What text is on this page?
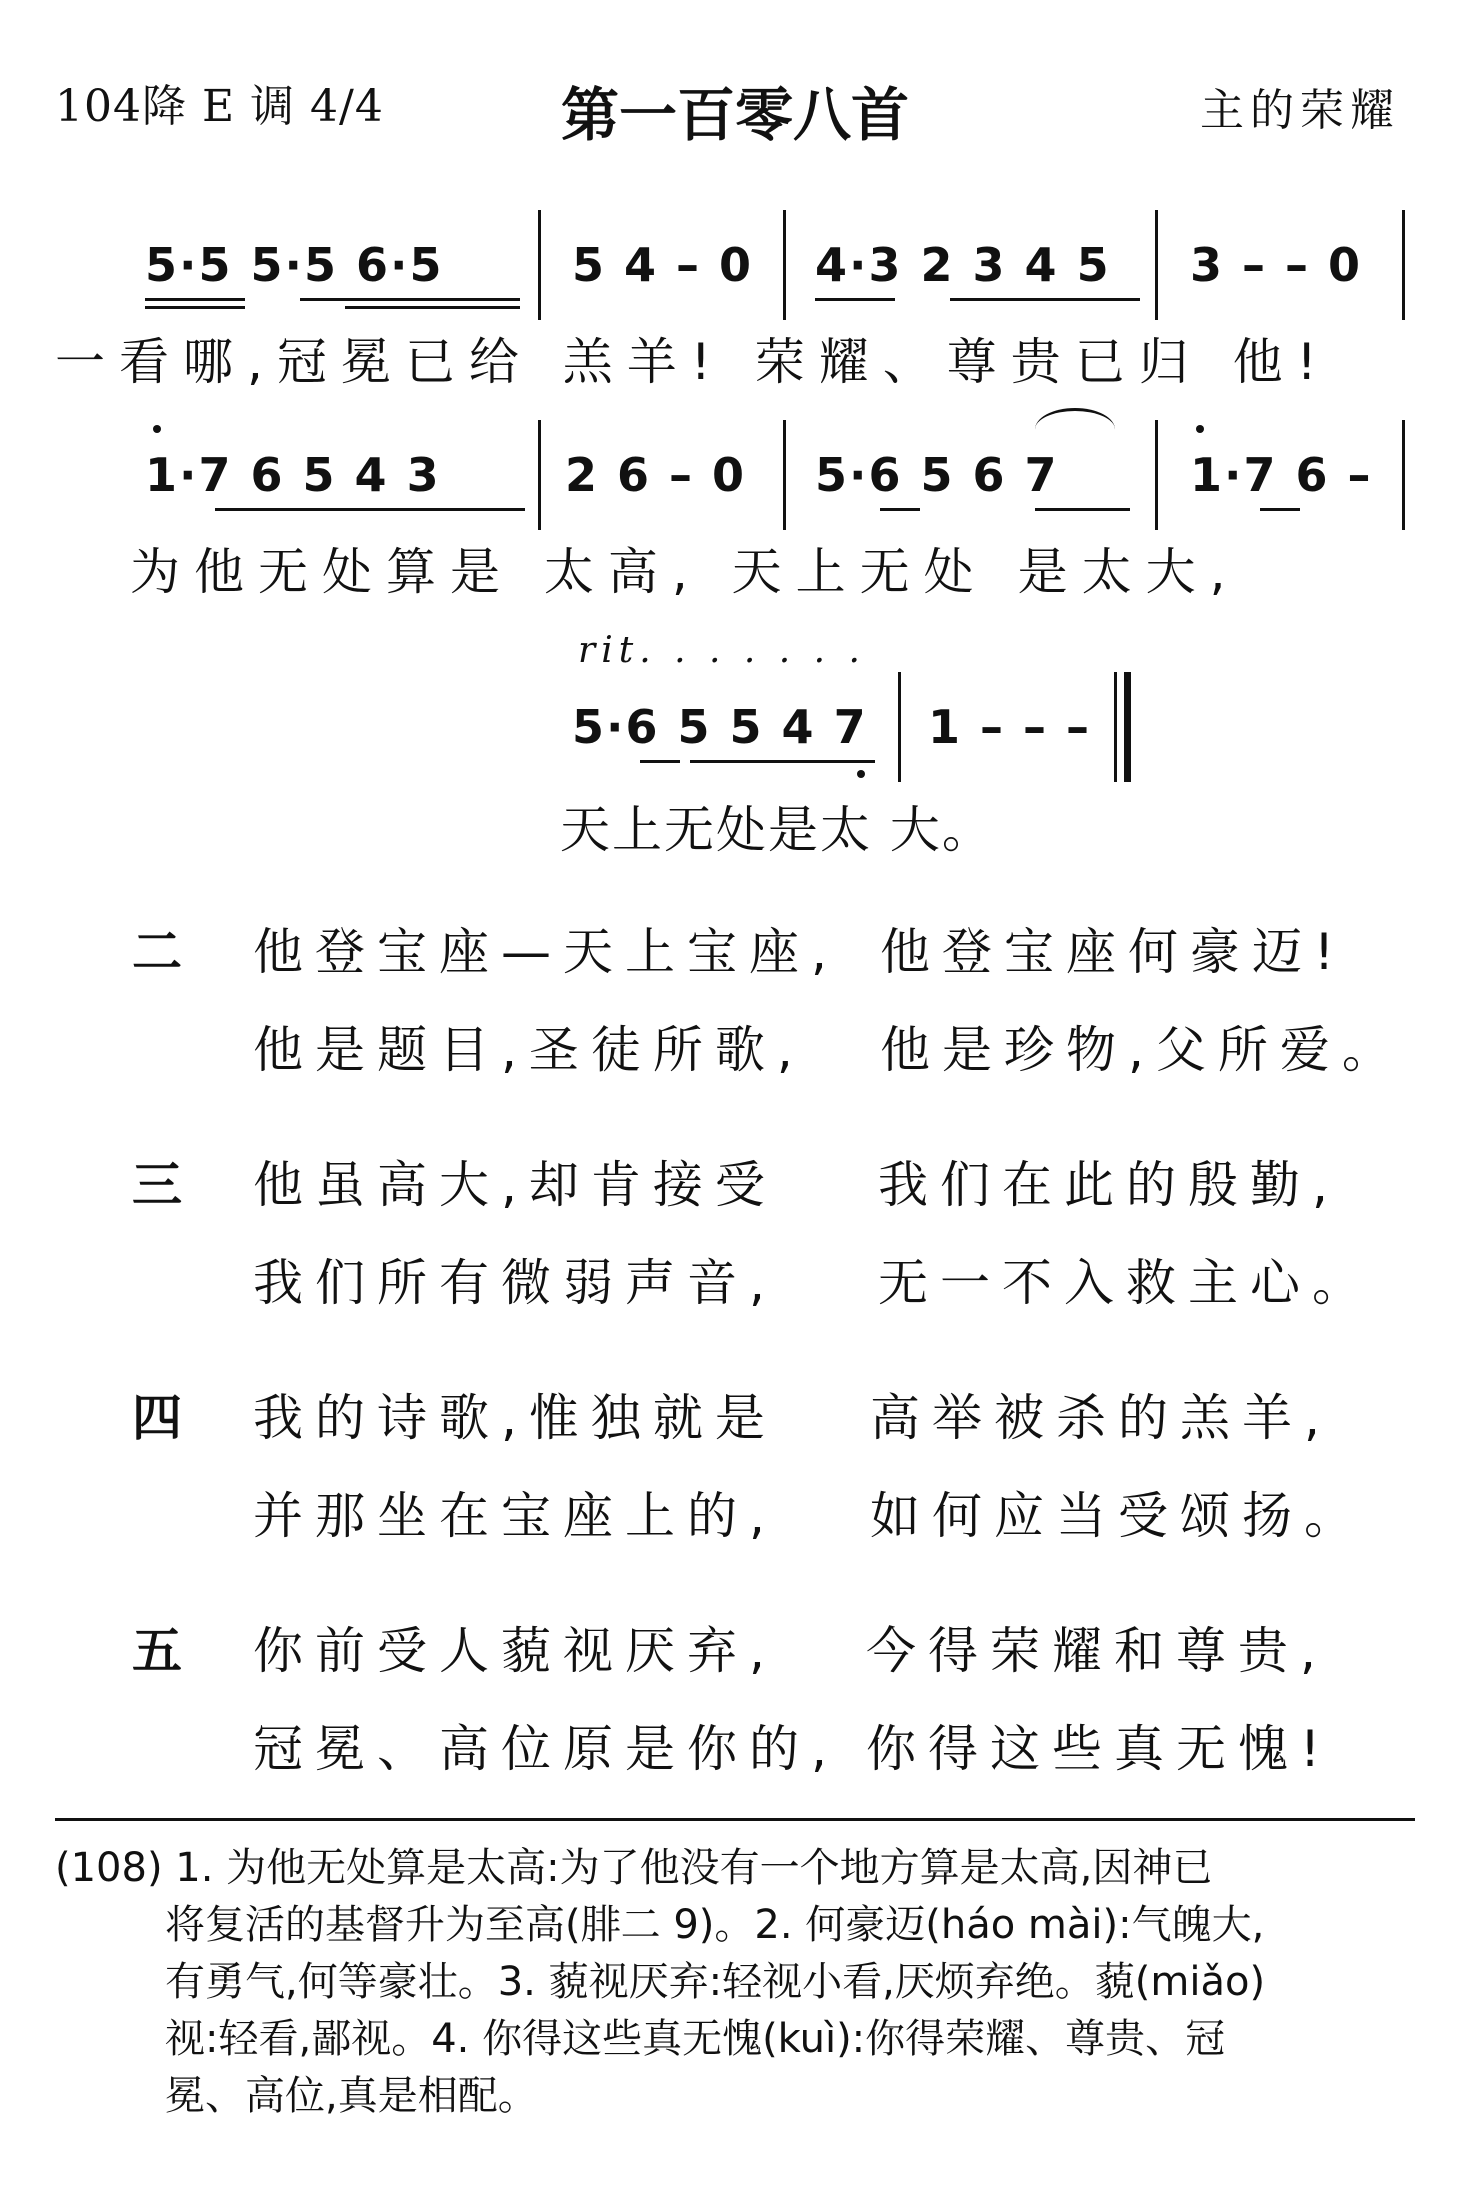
104降 E 调 4/4	第一百零八首	主的荣耀
5·5 5·5 6·5	5 4 – 0 4·3 2 3 4 5 3 – – 0
一看哪,冠冕已给 羔羊! 荣耀、尊贵已归 他!
1·7 6 5 4 3	2 6 – 0 5·6 5 6 7	1·7 6 –
为他无处算是 太高, 天上无处 是太大,
rit. . . . . . .
5·6 5 5 4 7 1 – – –
天上无处是太 大。
二 他登宝座—天上宝座, 他登宝座何豪迈!
他是题目,圣徒所歌, 他是珍物,父所爱。
三 他虽高大,却肯接受 我们在此的殷勤,
我们所有微弱声音, 无一不入救主心。
四 我的诗歌,惟独就是 高举被杀的羔羊,
并那坐在宝座上的, 如何应当受颂扬。
五 你前受人藐视厌弃, 今得荣耀和尊贵,
冠冕、高位原是你的, 你得这些真无愧!

(108) 1. 为他无处算是太高:为了他没有一个地方算是太高,因神已

将复活的基督升为至高(腓二 9)。2. 何豪迈(háo mài):气魄大,

有勇气,何等豪壮。3. 藐视厌弃:轻视小看,厌烦弃绝。藐(miǎo)

视:轻看,鄙视。4. 你得这些真无愧(kuì):你得荣耀、尊贵、冠

冕、高位,真是相配。
